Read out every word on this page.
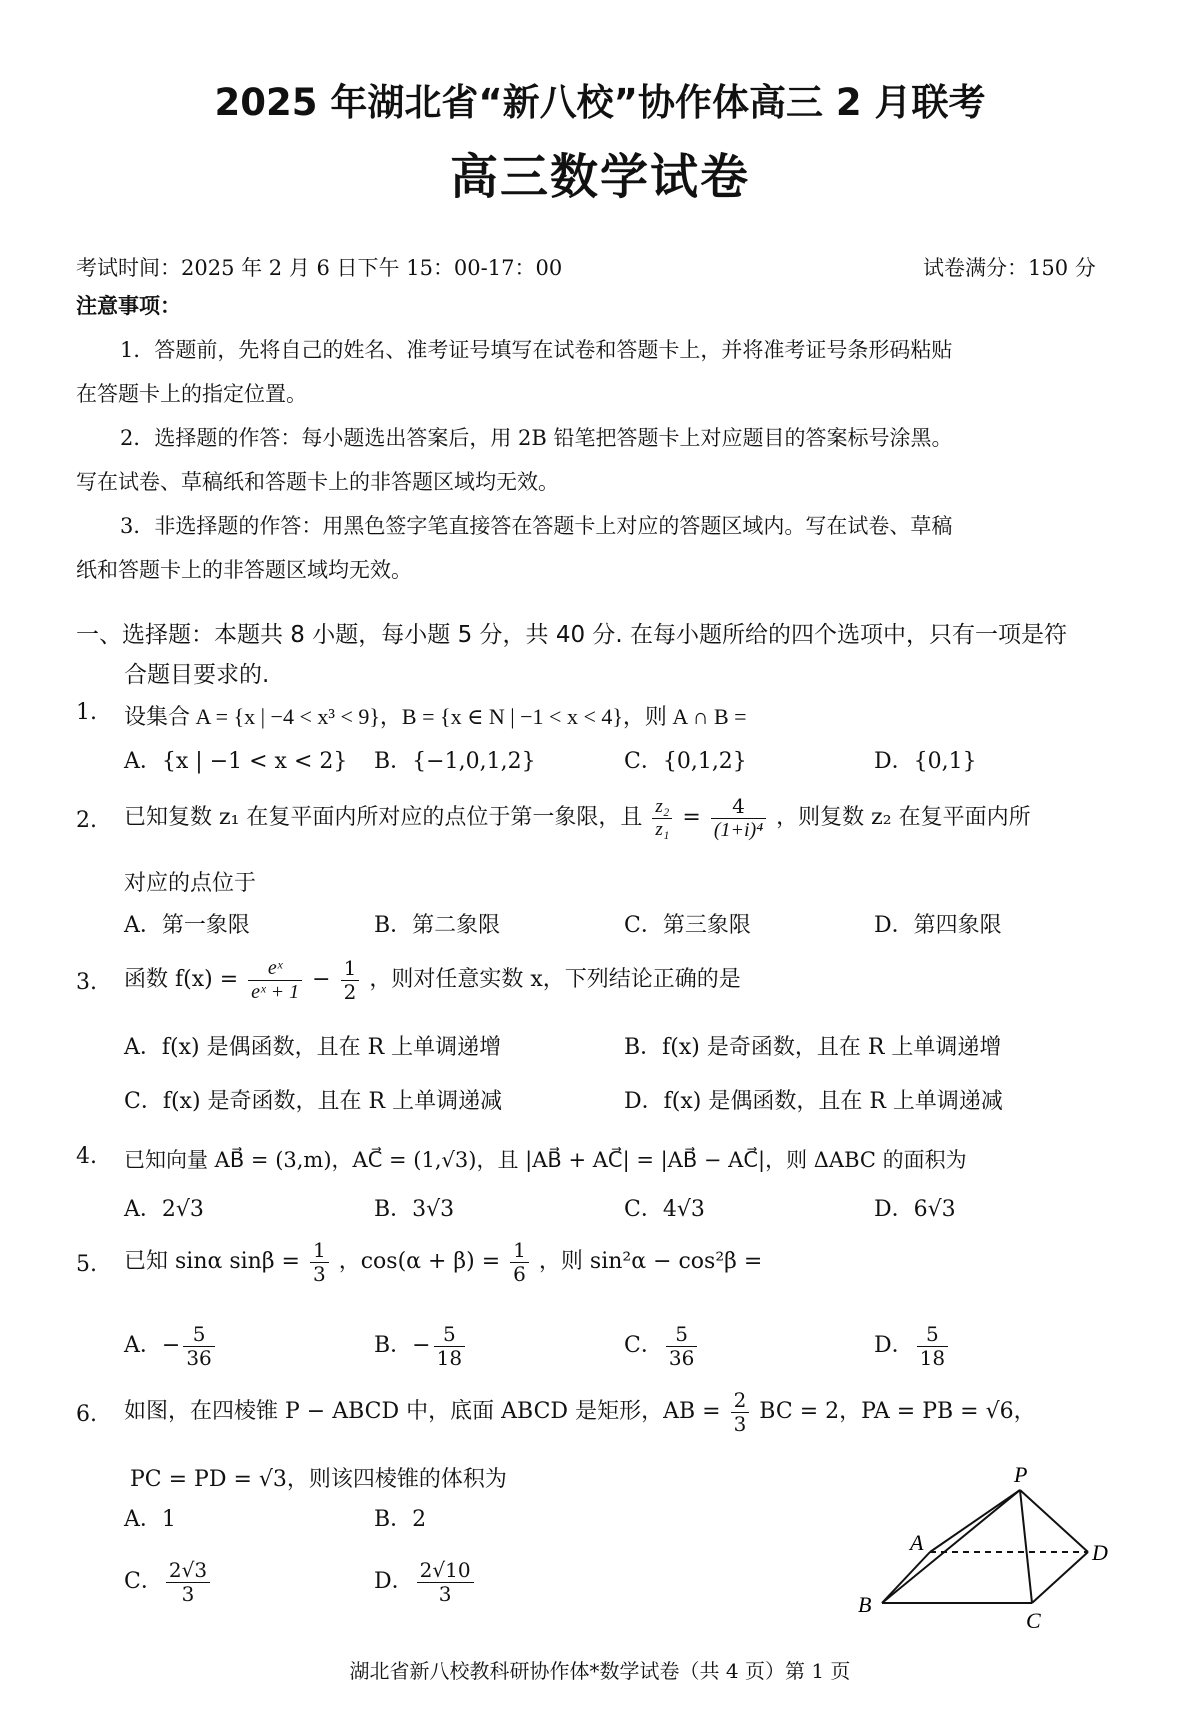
2025 年湖北省“新八校”协作体高三 2 月联考
高三数学试卷
考试时间：2025 年 2 月 6 日下午 15：00-17：00	试卷满分：150 分
注意事项：
1．答题前，先将自己的姓名、准考证号填写在试卷和答题卡上，并将准考证号条形码粘贴
在答题卡上的指定位置。
2．选择题的作答：每小题选出答案后，用 2B 铅笔把答题卡上对应题目的答案标号涂黑。
写在试卷、草稿纸和答题卡上的非答题区域均无效。
3．非选择题的作答：用黑色签字笔直接答在答题卡上对应的答题区域内。写在试卷、草稿
纸和答题卡上的非答题区域均无效。
一、选择题：本题共 8 小题，每小题 5 分，共 40 分. 在每小题所给的四个选项中，只有一项是符
合题目要求的.
1. 设集合 A = {x | −4 < x³ < 9}，B = {x ∈ N | −1 < x < 4}，则 A ∩ B =
A．{x | −1 < x < 2} B．{−1,0,1,2}	C．{0,1,2}	D．{0,1}
2. 已知复数 z₁ 在复平面内所对应的点位于第一象限，且 $\frac{\text{z₂}}{\text{z₁}} = \frac{4}{\text{(1+i)⁴}}$ ，则复数 z₂ 在复平面内所
对应的点位于
A．第一象限	B．第二象限	C．第三象限	D．第四象限
3. 函数 $f(x) = \frac{\text{eˣ}}{\text{eˣ + 1}} - \frac{1}{2}$ ，则对任意实数 x，下列结论正确的是
A．f(x) 是偶函数，且在 R 上单调递增	B．f(x) 是奇函数，且在 R 上单调递增
C．f(x) 是奇函数，且在 R 上单调递减	D．f(x) 是偶函数，且在 R 上单调递减
4. 已知向量 AB⃗ = (3,m)，AC⃗ = (1,√3)，且 |AB⃗ + AC⃗| = |AB⃗ − AC⃗|，则 ΔABC 的面积为
A．2√3	B．3√3	C．4√3	D．6√3
5. 已知 sinα $\sin\beta = \frac{1}{3}$ ，$\cos(\alpha + \beta) = \frac{1}{6}$ ，则 sin²α − cos²β =
A．− $\frac{5}{36}$	B．− $\frac{5}{18}$	C． $\frac{5}{36}$	D． $\frac{5}{18}$
6. 如图，在四棱锥 P − ABCD 中，底面 ABCD 是矩形，AB = $\frac{2}{3}$ BC = 2，PA = PB = √6，
PC = PD = √3，则该四棱锥的体积为
A．1	B．2
C． $\frac{2√3}{3}$	D． $\frac{2√10}{3}$
P
A
B
C
D
湖北省新八校教科研协作体*数学试卷（共 4 页）第 1 页
